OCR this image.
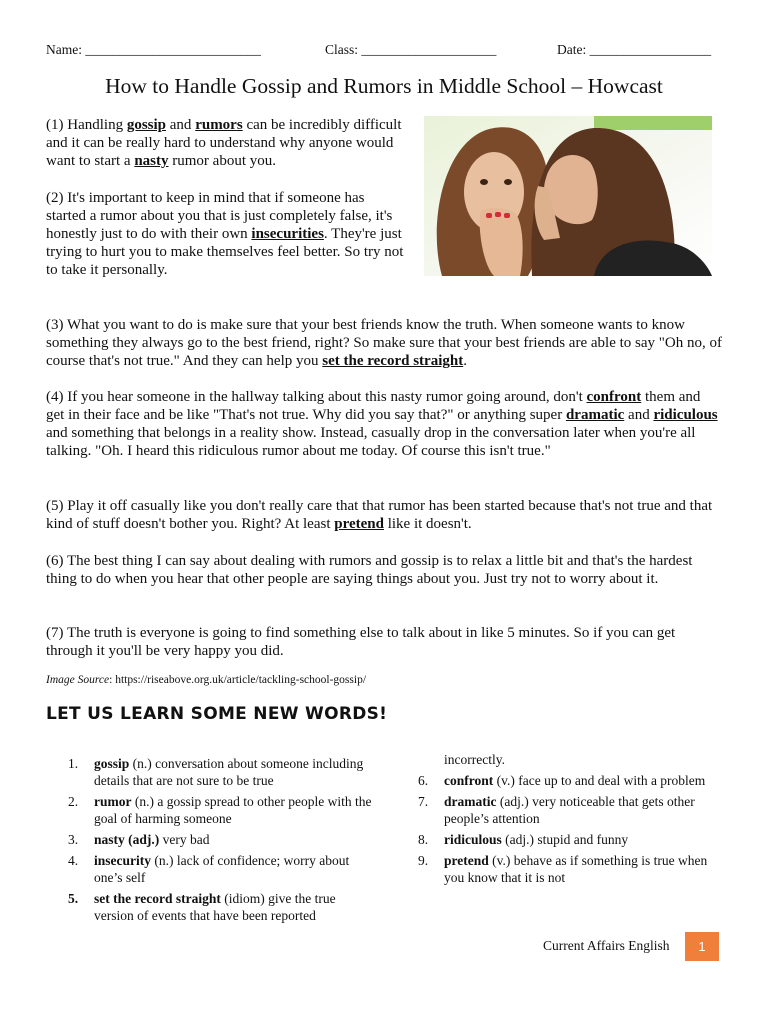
Name: __________________________	Class: ____________________	Date: __________________
How to Handle Gossip and Rumors in Middle School – Howcast

(1) Handling gossip and rumors can be incredibly difficult and it can be really hard to understand why anyone would want to start a nasty rumor about you.

(2) It's important to keep in mind that if someone has started a rumor about you that is just completely false, it's honestly just to do with their own insecurities. They're just trying to hurt you to make themselves feel better. So try not to take it personally.

(3) What you want to do is make sure that your best friends know the truth. When someone wants to know something they always go to the best friend, right? So make sure that your best friends are able to say "Oh no, of course that's not true." And they can help you set the record straight.

(4) If you hear someone in the hallway talking about this nasty rumor going around, don't confront them and get in their face and be like "That's not true. Why did you say that?" or anything super dramatic and ridiculous and something that belongs in a reality show. Instead, casually drop in the conversation later when you're all talking. "Oh. I heard this ridiculous rumor about me today. Of course this isn't true."

(5) Play it off casually like you don't really care that that rumor has been started because that's not true and that kind of stuff doesn't bother you. Right? At least pretend like it doesn't.

(6) The best thing I can say about dealing with rumors and gossip is to relax a little bit and that's the hardest thing to do when you hear that other people are saying things about you. Just try not to worry about it.

(7) The truth is everyone is going to find something else to talk about in like 5 minutes. So if you can get through it you'll be very happy you did.

Image Source: https://riseabove.org.uk/article/tackling-school-gossip/
LET US LEARN SOME NEW WORDS!
1.	gossip (n.) conversation about someone including details that are not sure to be true
2.	rumor (n.) a gossip spread to other people with the goal of harming someone
3.	nasty (adj.) very bad
4.	insecurity (n.) lack of confidence; worry about one’s self
5.	set the record straight (idiom) give the true version of events that have been reported
incorrectly.
6.	confront (v.) face up to and deal with a problem
7.	dramatic (adj.) very noticeable that gets other people’s attention
8.	ridiculous (adj.) stupid and funny
9.	pretend (v.) behave as if something is true when you know that it is not
Current Affairs English	1
